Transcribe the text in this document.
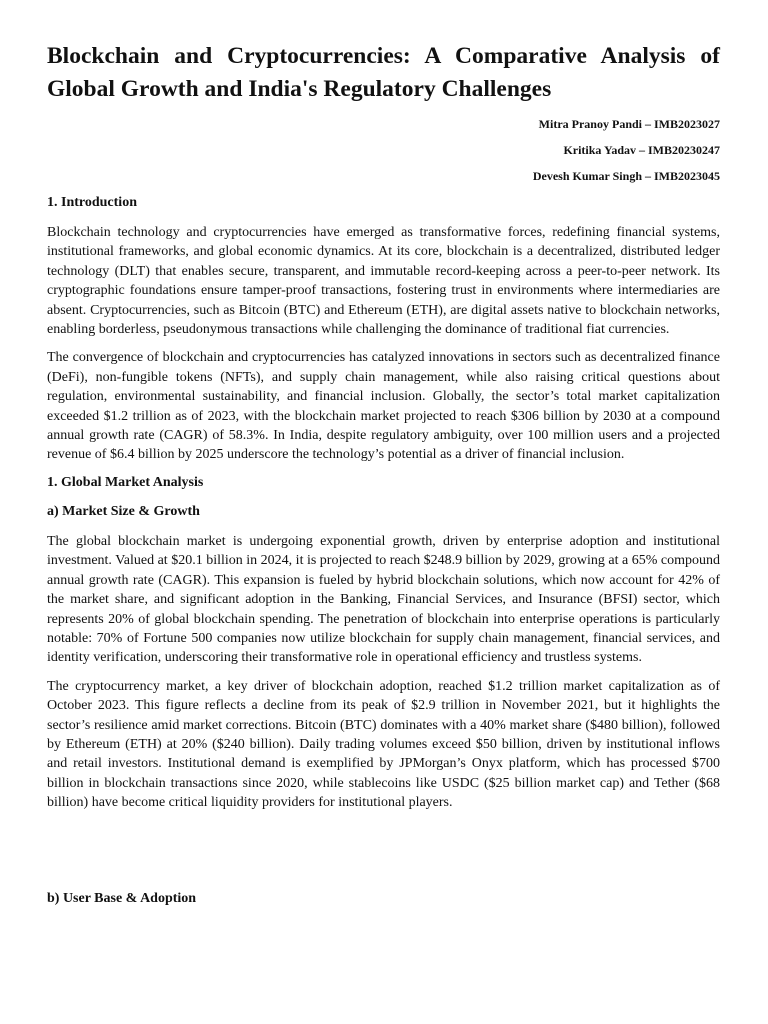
Blockchain and Cryptocurrencies: A Comparative Analysis of Global Growth and India's Regulatory Challenges
Mitra Pranoy Pandi – IMB2023027
Kritika Yadav – IMB20230247
Devesh Kumar Singh – IMB2023045
1. Introduction

Blockchain technology and cryptocurrencies have emerged as transformative forces, redefining financial systems, institutional frameworks, and global economic dynamics. At its core, blockchain is a decentralized, distributed ledger technology (DLT) that enables secure, transparent, and immutable record-keeping across a peer-to-peer network. Its cryptographic foundations ensure tamper-proof transactions, fostering trust in environments where intermediaries are absent. Cryptocurrencies, such as Bitcoin (BTC) and Ethereum (ETH), are digital assets native to blockchain networks, enabling borderless, pseudonymous transactions while challenging the dominance of traditional fiat currencies.

The convergence of blockchain and cryptocurrencies has catalyzed innovations in sectors such as decentralized finance (DeFi), non-fungible tokens (NFTs), and supply chain management, while also raising critical questions about regulation, environmental sustainability, and financial inclusion. Globally, the sector’s total market capitalization exceeded $1.2 trillion as of 2023, with the blockchain market projected to reach $306 billion by 2030 at a compound annual growth rate (CAGR) of 58.3%. In India, despite regulatory ambiguity, over 100 million users and a projected revenue of $6.4 billion by 2025 underscore the technology’s potential as a driver of financial inclusion.

1. Global Market Analysis
a) Market Size & Growth

The global blockchain market is undergoing exponential growth, driven by enterprise adoption and institutional investment. Valued at $20.1 billion in 2024, it is projected to reach $248.9 billion by 2029, growing at a 65% compound annual growth rate (CAGR). This expansion is fueled by hybrid blockchain solutions, which now account for 42% of the market share, and significant adoption in the Banking, Financial Services, and Insurance (BFSI) sector, which represents 20% of global blockchain spending. The penetration of blockchain into enterprise operations is particularly notable: 70% of Fortune 500 companies now utilize blockchain for supply chain management, financial services, and identity verification, underscoring their transformative role in operational efficiency and trustless systems.

The cryptocurrency market, a key driver of blockchain adoption, reached $1.2 trillion market capitalization as of October 2023. This figure reflects a decline from its peak of $2.9 trillion in November 2021, but it highlights the sector’s resilience amid market corrections. Bitcoin (BTC) dominates with a 40% market share ($480 billion), followed by Ethereum (ETH) at 20% ($240 billion). Daily trading volumes exceed $50 billion, driven by institutional inflows and retail investors. Institutional demand is exemplified by JPMorgan’s Onyx platform, which has processed $700 billion in blockchain transactions since 2020, while stablecoins like USDC ($25 billion market cap) and Tether ($68 billion) have become critical liquidity providers for institutional players.

b) User Base & Adoption
